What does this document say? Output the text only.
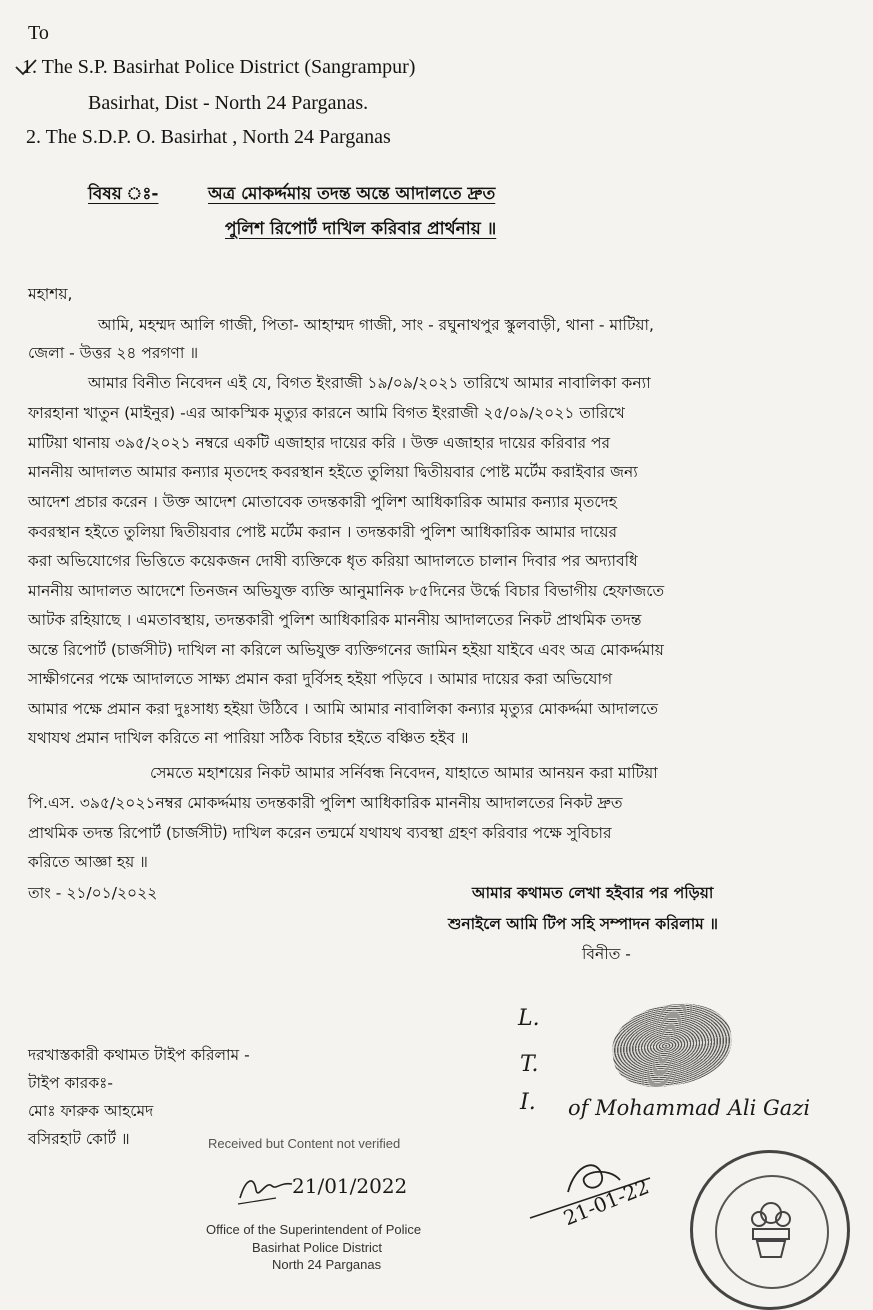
To
1. The S.P. Basirhat Police District (Sangrampur)
Basirhat, Dist - North 24 Parganas.
2. The S.D.P. O. Basirhat , North 24 Parganas
বিষয় ঃ-	অত্র মোকর্দ্দমায় তদন্ত অন্তে আদালতে দ্রুত
পুলিশ রিপোর্ট দাখিল করিবার প্রার্থনায় ॥
মহাশয়,
আমি, মহম্মদ আলি গাজী, পিতা- আহাম্মদ গাজী, সাং - রঘুনাথপুর স্কুলবাড়ী, থানা - মাটিয়া,
জেলা - উত্তর ২৪ পরগণা ॥
আমার বিনীত নিবেদন এই যে, বিগত ইংরাজী ১৯/০৯/২০২১ তারিখে আমার নাবালিকা কন্যা
ফারহানা খাতুন (মাইনুর) -এর আকস্মিক মৃত্যুর কারনে আমি বিগত ইংরাজী ২৫/০৯/২০২১ তারিখে
মাটিয়া থানায় ৩৯৫/২০২১ নম্বরে একটি এজাহার দায়ের করি । উক্ত এজাহার দায়ের করিবার পর
মাননীয় আদালত আমার কন্যার মৃতদেহ কবরস্থান হইতে তুলিয়া দ্বিতীয়বার পোষ্ট মর্টেম করাইবার জন্য
আদেশ প্রচার করেন । উক্ত আদেশ মোতাবেক তদন্তকারী পুলিশ আধিকারিক আমার কন্যার মৃতদেহ
কবরস্থান হইতে তুলিয়া দ্বিতীয়বার পোষ্ট মর্টেম করান । তদন্তকারী পুলিশ আধিকারিক আমার দায়ের
করা অভিযোগের ভিত্তিতে কয়েকজন দোষী ব্যক্তিকে ধৃত করিয়া আদালতে চালান দিবার পর অদ্যাবধি
মাননীয় আদালত আদেশে তিনজন অভিযুক্ত ব্যক্তি আনুমানিক ৮৫দিনের উর্দ্ধে বিচার বিভাগীয় হেফাজতে
আটক রহিয়াছে । এমতাবস্থায়, তদন্তকারী পুলিশ আধিকারিক মাননীয় আদালতের নিকট প্রাথমিক তদন্ত
অন্তে রিপোর্ট (চার্জসীট) দাখিল না করিলে অভিযুক্ত ব্যক্তিগনের জামিন হইয়া যাইবে এবং অত্র মোকর্দ্দমায়
সাক্ষীগনের পক্ষে আদালতে সাক্ষ্য প্রমান করা দুর্বিসহ হইয়া পড়িবে । আমার দায়ের করা অভিযোগ
আমার পক্ষে প্রমান করা দুঃসাধ্য হইয়া উঠিবে । আমি আমার নাবালিকা কন্যার মৃত্যুর মোকর্দ্দমা আদালতে
যথাযথ প্রমান দাখিল করিতে না পারিয়া সঠিক বিচার হইতে বঞ্চিত হইব ॥
সেমতে মহাশয়ের নিকট আমার সর্নিবন্ধ নিবেদন, যাহাতে আমার আনয়ন করা মাটিয়া
পি.এস. ৩৯৫/২০২১নম্বর মোকর্দ্দমায় তদন্তকারী পুলিশ আধিকারিক মাননীয় আদালতের নিকট দ্রুত
প্রাথমিক তদন্ত রিপোর্ট (চার্জসীট) দাখিল করেন তন্মর্মে যথাযথ ব্যবস্থা গ্রহণ করিবার পক্ষে সুবিচার
করিতে আজ্ঞা হয় ॥
তাং - ২১/০১/২০২২	আমার কথামত লেখা হইবার পর পড়িয়া
শুনাইলে আমি টিপ সহি সম্পাদন করিলাম ॥
বিনীত -
L.
T.
I. of Mohammad Ali Gazi
দরখাস্তকারী কথামত টাইপ করিলাম -
টাইপ কারকঃ-
মোঃ ফারুক আহমেদ
বসিরহাট কোর্ট ॥	Received but Content not verified
21/01/2022
Office of the Superintendent of Police
Basirhat Police District
North 24 Parganas
21-01-22
